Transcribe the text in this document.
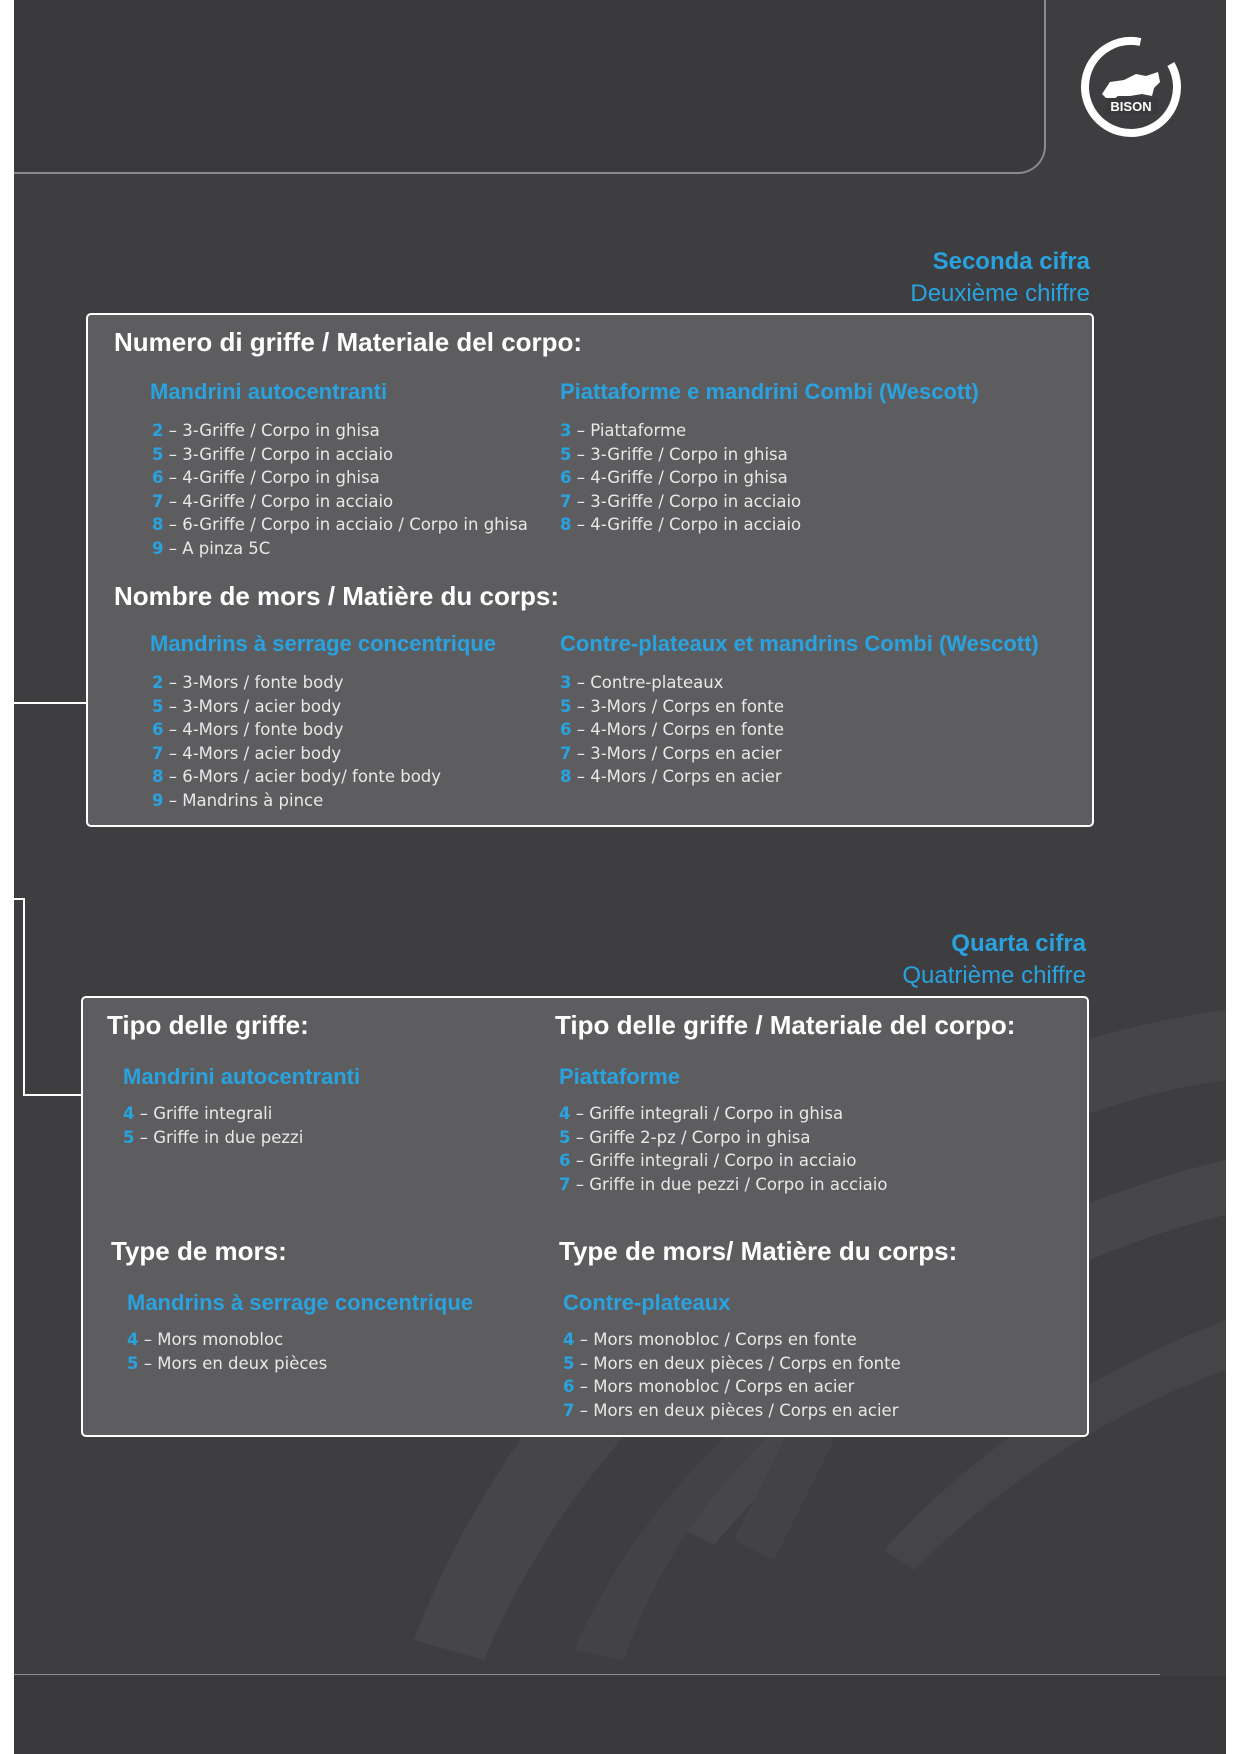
BISON
Seconda cifra
Deuxième chiffre
Numero di griffe / Materiale del corpo:
Mandrini autocentranti
2 – 3-Griffe / Corpo in ghisa
5 – 3-Griffe / Corpo in acciaio
6 – 4-Griffe / Corpo in ghisa
7 – 4-Griffe / Corpo in acciaio
8 – 6-Griffe / Corpo in acciaio / Corpo in ghisa
9 – A pinza 5C
Piattaforme e mandrini Combi (Wescott)
3 – Piattaforme
5 – 3-Griffe / Corpo in ghisa
6 – 4-Griffe / Corpo in ghisa
7 – 3-Griffe / Corpo in acciaio
8 – 4-Griffe / Corpo in acciaio
Nombre de mors / Matière du corps:
Mandrins à serrage concentrique
2 – 3-Mors / fonte body
5 – 3-Mors / acier body
6 – 4-Mors / fonte body
7 – 4-Mors / acier body
8 – 6-Mors / acier body/ fonte body
9 – Mandrins à pince
Contre-plateaux et mandrins Combi (Wescott)
3 – Contre-plateaux
5 – 3-Mors / Corps en fonte
6 – 4-Mors / Corps en fonte
7 – 3-Mors / Corps en acier
8 – 4-Mors / Corps en acier
Quarta cifra
Quatrième chiffre
Tipo delle griffe:	Tipo delle griffe / Materiale del corpo:
Mandrini autocentranti
4 – Griffe integrali
5 – Griffe in due pezzi
Piattaforme
4 – Griffe integrali / Corpo in ghisa
5 – Griffe 2-pz / Corpo in ghisa
6 – Griffe integrali / Corpo in acciaio
7 – Griffe in due pezzi / Corpo in acciaio
Type de mors:	Type de mors/ Matière du corps:
Mandrins à serrage concentrique
4 – Mors monobloc
5 – Mors en deux pièces
Contre-plateaux
4 – Mors monobloc / Corps en fonte
5 – Mors en deux pièces / Corps en fonte
6 – Mors monobloc / Corps en acier
7 – Mors en deux pièces / Corps en acier
